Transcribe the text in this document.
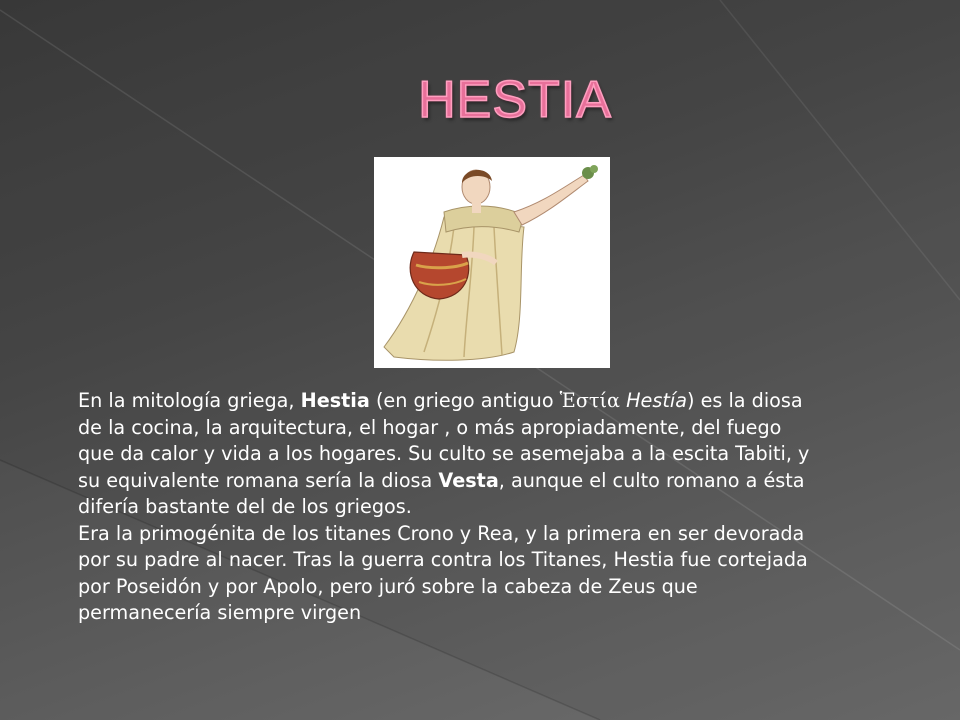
HESTIA

En la mitología griega, Hestia (en griego antiguo Ἑστία Hestía) es la diosa de la cocina, la arquitectura, el hogar , o más apropiadamente, del fuego que da calor y vida a los hogares. Su culto se asemejaba a la escita Tabiti, y su equivalente romana sería la diosa Vesta, aunque el culto romano a ésta difería bastante del de los griegos.

Era la primogénita de los titanes Crono y Rea, y la primera en ser devorada por su padre al nacer. Tras la guerra contra los Titanes, Hestia fue cortejada por Poseidón y por Apolo, pero juró sobre la cabeza de Zeus que permanecería siempre virgen
